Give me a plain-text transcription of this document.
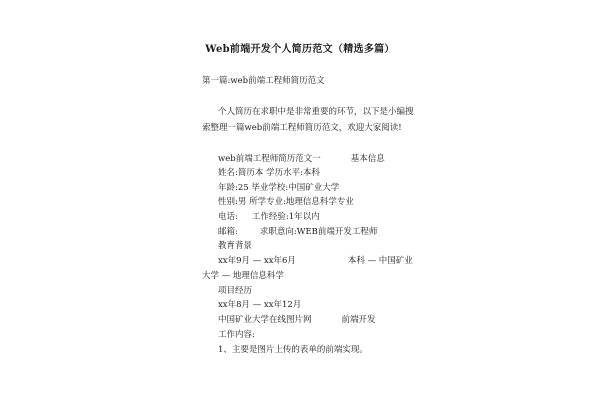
Web前端开发个人简历范文（精选多篇）
第一篇:web前端工程师简历范文
个人简历在求职中是非常重要的环节，以下是小编搜
索整理一篇web前端工程师简历范文，欢迎大家阅读!
web前端工程师简历范文一	基本信息
姓名:简历本 学历水平:本科
年龄:25 毕业学校:中国矿业大学
性别:男 所学专业:地理信息科学专业
电话: 工作经验:1年以内
邮箱:	求职意向:WEB前端开发工程师
教育背景
xx年9月 — xx年6月	本科 — 中国矿业
大学 — 地理信息科学
项目经历
xx年8月 — xx年12月
中国矿业大学在线图片网	前端开发
工作内容:
1、主要是图片上传的表单的前端实现。
